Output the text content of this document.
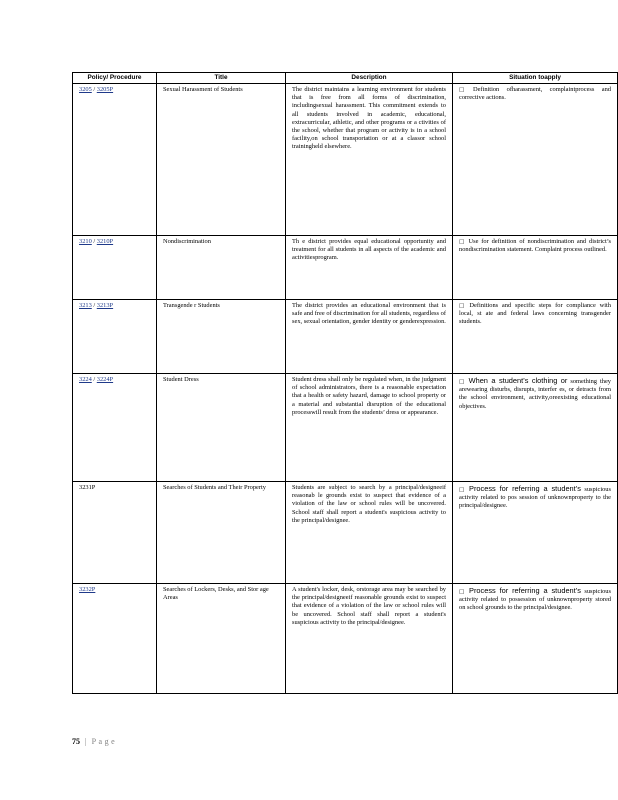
Policy/ Procedure	Title	Description	Situation toapply
3205 / 3205P	Sexual Harassment of Students	The district maintains a learning environment for students that is free from all forms of discrimination, includingsexual harassment. This commitment extends to all students involved in academic, educational, extracurricular, athletic, and other programs or a ctivities of the school, whether that program or activity is in a school facility,on school transportation or at a classor school trainingheld elsewhere.	□ Definition ofharassment, complaintprocess and corrective actions.
3210 / 3210P	Nondiscrimination	Th e district provides equal educational opportunity and treatment for all students in all aspects of the academic and activitiesprogram.	□ Use for definition of nondiscrimination and district’s nondiscrimination statement. Complaint process outlined.
3213 / 3213P	Transgende r Students	The district provides an educational environment that is safe and free of discrimination for all students, regardless of sex, sexual orientation, gender identity or genderexpression.	□ Definitions and specific steps for compliance with local, st ate and federal laws concerning transgender students.
3224 / 3224P	Student Dress	Student dress shall only be regulated when, in the judgment of school administrators, there is a reasonable expectation that a health or safety hazard, damage to school property or a material and substantial disruption of the educational processwill result from the students’ dress or appearance.	□ When a student’s clothing or something they arewearing disturbs, disrupts, interfer es, or detracts from the school environment, activity,oreexisting educational objectives.
3231P	Searches of Students and Their Property	Students are subject to search by a principal/designeeif reasonab le grounds exist to suspect that evidence of a violation of the law or school rules will be uncovered. School staff shall report a student's suspicious activity to the principal/designee.	□ Process for referring a student’s suspicious activity related to pos session of unknownproperty to the principal/designee.
3232P	Searches of Lockers, Desks, and Stor age Areas	A student's locker, desk, orstorage area may be searched by the principal/designeeif reasonable grounds exist to suspect that evidence of a violation of the law or school rules will be uncovered. School staff shall report a student's suspicious activity to the principal/designee.	□ Process for referring a student’s suspicious activity related to possession of unknownproperty stored on school grounds to the principal/designee.
75 | Page
